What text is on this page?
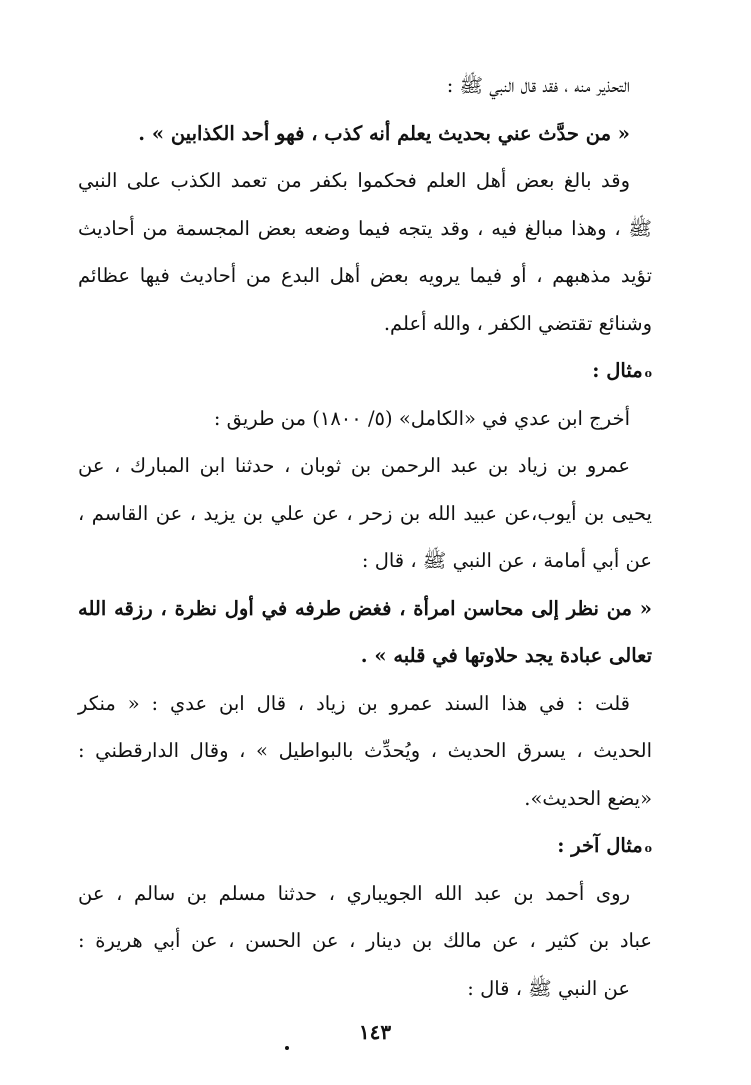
التحذير منه ، فقد قال النبي ﷺ :
« من حدَّث عني بحديث يعلم أنه كذب ، فهو أحد الكذابين » .
وقد بالغ بعض أهل العلم فحكموا بكفر من تعمد الكذب على النبي
ﷺ ، وهذا مبالغ فيه ، وقد يتجه فيما وضعه بعض المجسمة من أحاديث
تؤيد مذهبهم ، أو فيما يرويه بعض أهل البدع من أحاديث فيها عظائم
وشنائع تقتضي الكفر ، والله أعلم.
οمثال :
أخرج ابن عدي في «الكامل» (٥/ ١٨٠٠) من طريق :
عمرو بن زياد بن عبد الرحمن بن ثوبان ، حدثنا ابن المبارك ، عن
يحيى بن أيوب،عن عبيد الله بن زحر ، عن علي بن يزيد ، عن القاسم ،
عن أبي أمامة ، عن النبي ﷺ ، قال :
« من نظر إلى محاسن امرأة ، فغض طرفه في أول نظرة ، رزقه الله
تعالى عبادة يجد حلاوتها في قلبه » .
قلت : في هذا السند عمرو بن زياد ، قال ابن عدي : « منكر
الحديث ، يسرق الحديث ، ويُحدِّث بالبواطيل » ، وقال الدارقطني :
«يضع الحديث».
οمثال آخر :
روى أحمد بن عبد الله الجويباري ، حدثنا مسلم بن سالم ، عن
عباد بن كثير ، عن مالك بن دينار ، عن الحسن ، عن أبي هريرة :
عن النبي ﷺ ، قال :
١٤٣
